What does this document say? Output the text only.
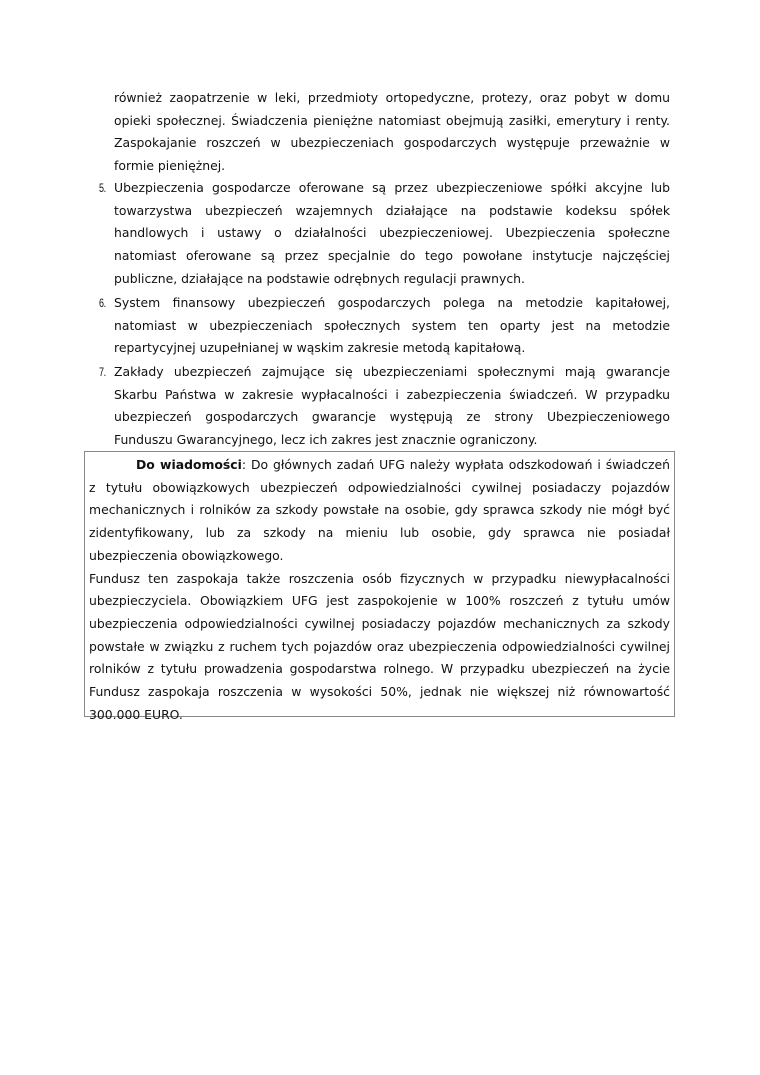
również zaopatrzenie w leki, przedmioty ortopedyczne, protezy, oraz pobyt w domu opieki społecznej. Świadczenia pieniężne natomiast obejmują zasiłki, emerytury i renty. Zaspokajanie roszczeń w ubezpieczeniach gospodarczych występuje przeważnie w formie pieniężnej.

5. Ubezpieczenia gospodarcze oferowane są przez ubezpieczeniowe spółki akcyjne lub towarzystwa ubezpieczeń wzajemnych działające na podstawie kodeksu spółek handlowych i ustawy o działalności ubezpieczeniowej. Ubezpieczenia społeczne natomiast oferowane są przez specjalnie do tego powołane instytucje najczęściej publiczne, działające na podstawie odrębnych regulacji prawnych.

6. System finansowy ubezpieczeń gospodarczych polega na metodzie kapitałowej, natomiast w ubezpieczeniach społecznych system ten oparty jest na metodzie repartycyjnej uzupełnianej w wąskim zakresie metodą kapitałową.

7. Zakłady ubezpieczeń zajmujące się ubezpieczeniami społecznymi mają gwarancje Skarbu Państwa w zakresie wypłacalności i zabezpieczenia świadczeń. W przypadku ubezpieczeń gospodarczych gwarancje występują ze strony Ubezpieczeniowego Funduszu Gwarancyjnego, lecz ich zakres jest znacznie ograniczony.

Do wiadomości: Do głównych zadań UFG należy wypłata odszkodowań i świadczeń z tytułu obowiązkowych ubezpieczeń odpowiedzialności cywilnej posiadaczy pojazdów mechanicznych i rolników za szkody powstałe na osobie, gdy sprawca szkody nie mógł być zidentyfikowany, lub za szkody na mieniu lub osobie, gdy sprawca nie posiadał ubezpieczenia obowiązkowego.

Fundusz ten zaspokaja także roszczenia osób fizycznych w przypadku niewypłacalności ubezpieczyciela. Obowiązkiem UFG jest zaspokojenie w 100% roszczeń z tytułu umów ubezpieczenia odpowiedzialności cywilnej posiadaczy pojazdów mechanicznych za szkody powstałe w związku z ruchem tych pojazdów oraz ubezpieczenia odpowiedzialności cywilnej rolników z tytułu prowadzenia gospodarstwa rolnego. W przypadku ubezpieczeń na życie Fundusz zaspokaja roszczenia w wysokości 50%, jednak nie większej niż równowartość 300.000 EURO.
